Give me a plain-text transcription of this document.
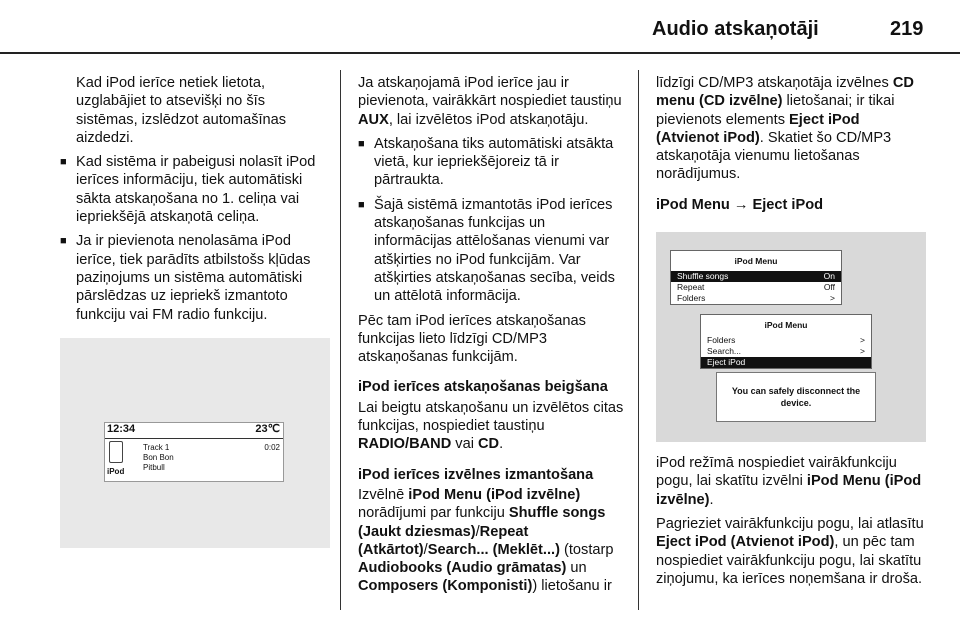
Audio atskaņotāji	219

Kad iPod ierīce netiek lietota, uzglabājiet to atsevišķi no šīs sistēmas, izslēdzot automašīnas aizdedzi.

■ Kad sistēma ir pabeigusi nolasīt iPod ierīces informāciju, tiek automātiski sākta atskaņošana no 1. celiņa vai iepriekšējā atskaņotā celiņa.
■ Ja ir pievienota nenolasāma iPod ierīce, tiek parādīts atbilstošs kļūdas paziņojums un sistēma automātiski pārslēdzas uz iepriekš izmantoto funkciju vai FM radio funkciju.
12:34	23℃
iPod
Track 1
Bon Bon
Pitbull
0:02

Ja atskaņojamā iPod ierīce jau ir pievienota, vairākkārt nospiediet taustiņu AUX, lai izvēlētos iPod atskaņotāju.

■ Atskaņošana tiks automātiski atsākta vietā, kur iepriekšējoreiz tā ir pārtraukta.
■ Šajā sistēmā izmantotās iPod ierīces atskaņošanas funkcijas un informācijas attēlošanas vienumi var atšķirties no iPod funkcijām. Var atšķirties atskaņošanas secība, veids un attēlotā informācija.

Pēc tam iPod ierīces atskaņošanas funkcijas lieto līdzīgi CD/MP3 atskaņošanas funkcijām.

iPod ierīces atskaņošanas beigšana

Lai beigtu atskaņošanu un izvēlētos citas funkcijas, nospiediet taustiņu RADIO/BAND vai CD.

iPod ierīces izvēlnes izmantošana

Izvēlnē iPod Menu (iPod izvēlne) norādījumi par funkciju Shuffle songs (Jaukt dziesmas)/Repeat (Atkārtot)/Search... (Meklēt...) (tostarp Audiobooks (Audio grāmatas) un Composers (Komponisti)) lietošanu ir

līdzīgi CD/MP3 atskaņotāja izvēlnes CD menu (CD izvēlne) lietošanai; ir tikai pievienots elements Eject iPod (Atvienot iPod). Skatiet šo CD/MP3 atskaņotāja vienumu lietošanas norādījumus.

iPod Menu → Eject iPod
iPod Menu
Shuffle songs	On
Repeat	Off
Folders	>
iPod Menu
Folders	>
Search...	>
Eject iPod
You can safely disconnect the device.

iPod režīmā nospiediet vairākfunkciju pogu, lai skatītu izvēlni iPod Menu (iPod izvēlne).

Pagrieziet vairākfunkciju pogu, lai atlasītu Eject iPod (Atvienot iPod), un pēc tam nospiediet vairākfunkciju pogu, lai skatītu ziņojumu, ka ierīces noņemšana ir droša.
